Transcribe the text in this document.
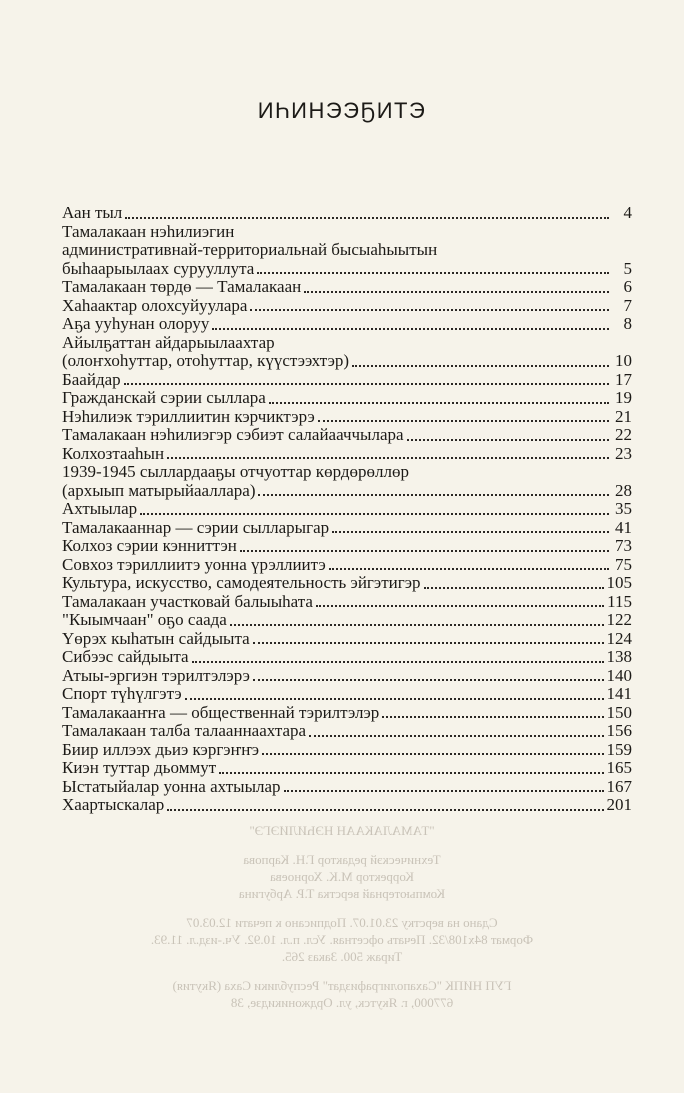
ИҺИНЭЭҔИТЭ
Аан тыл	4
Тамалакаан нэһилиэгин
административнай-территориальнай бысыаһыытын
быһаарыылаах сурууллута	5
Тамалакаан төрдө — Тамалакаан	6
Хаһаактар олохсуйуулара	7
Аҕа ууһунан олоруу	8
Айылҕаттан айдарыылаахтар
(олоҥхоһуттар, отоһуттар, күүстээхтэр)	10
Баайдар	17
Гражданскай сэрии сыллара	19
Нэһилиэк тэриллиитин кэрчиктэрэ	21
Тамалакаан нэһилиэгэр сэбиэт салайааччылара	22
Колхозтааһын	23
1939-1945 сыллардааҕы отчуоттар көрдөрөллөр
(архыып матырыйааллара)	28
Ахтыылар	35
Тамалакааннар — сэрии сылларыгар	41
Колхоз сэрии кэнниттэн	73
Совхоз тэриллиитэ уонна үрэллиитэ	75
Культура, искусство, самодеятельность эйгэтигэр	105
Тамалакаан участковай балыыһата	115
"Кыымчаан" оҕо саада	122
Үөрэх кыһатын сайдыыта	124
Сибээс сайдыыта	138
Атыы-эргиэн тэрилтэлэрэ	140
Спорт түһүлгэтэ	141
Тамалакааҥҥа — общественнай тэрилтэлэр	150
Тамалакаан талба талааннаахтара	156
Биир иллээх дьиэ кэргэҥҥэ	159
Киэн туттар дьоммут	165
Ыстатыйалар уонна ахтыылар	167
Хаартыскалар	201
"ТАМАЛАКААН НЭҺИЛИЭГЭ"
Техническэй редактор Г.Н. Карпова
Корректор М.К. Хорноева
Компьютернай верстка Т.Р. Арбугина
Сдано на верстку 23.01.07. Подписано к печати 12.03.07
Формат 84х108/32. Печать офсетная. Усл. п.л. 10.92. Уч.-изд.л. 11.93.
Тираж 500. Заказ 265.
ГУП НИПК "Сахаполиграфиздат" Республики Саха (Якутия)
677000, г. Якутск, ул. Орджоникидзе, 38
